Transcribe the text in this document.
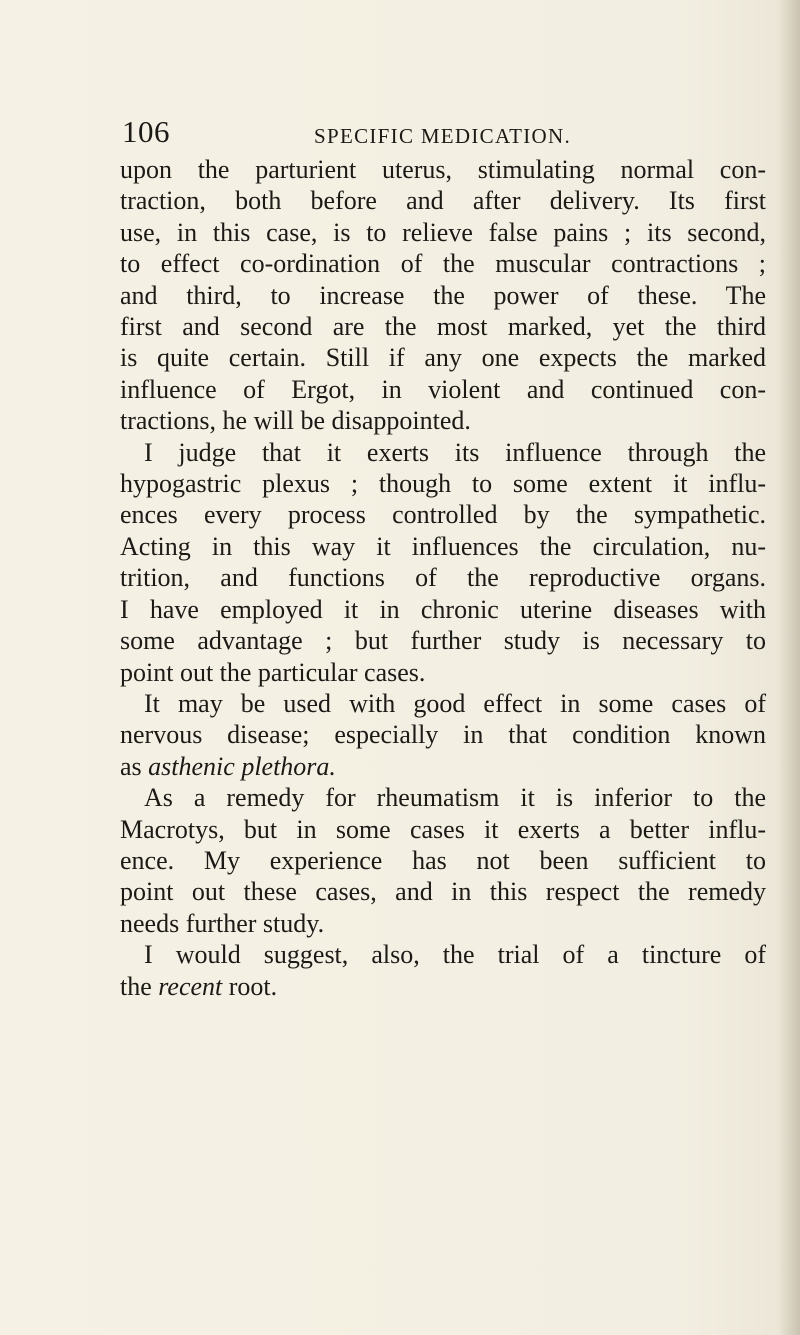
106	SPECIFIC MEDICATION.
upon the parturient uterus, stimulating normal con-
traction, both before and after delivery. Its first
use, in this case, is to relieve false pains ; its second,
to effect co-ordination of the muscular contractions ;
and third, to increase the power of these. The
first and second are the most marked, yet the third
is quite certain. Still if any one expects the marked
influence of Ergot, in violent and continued con-
tractions, he will be disappointed.
I judge that it exerts its influence through the
hypogastric plexus ; though to some extent it influ-
ences every process controlled by the sympathetic.
Acting in this way it influences the circulation, nu-
trition, and functions of the reproductive organs.
I have employed it in chronic uterine diseases with
some advantage ; but further study is necessary to
point out the particular cases.
It may be used with good effect in some cases of
nervous disease; especially in that condition known
as asthenic plethora.
As a remedy for rheumatism it is inferior to the
Macrotys, but in some cases it exerts a better influ-
ence. My experience has not been sufficient to
point out these cases, and in this respect the remedy
needs further study.
I would suggest, also, the trial of a tincture of
the recent root.
